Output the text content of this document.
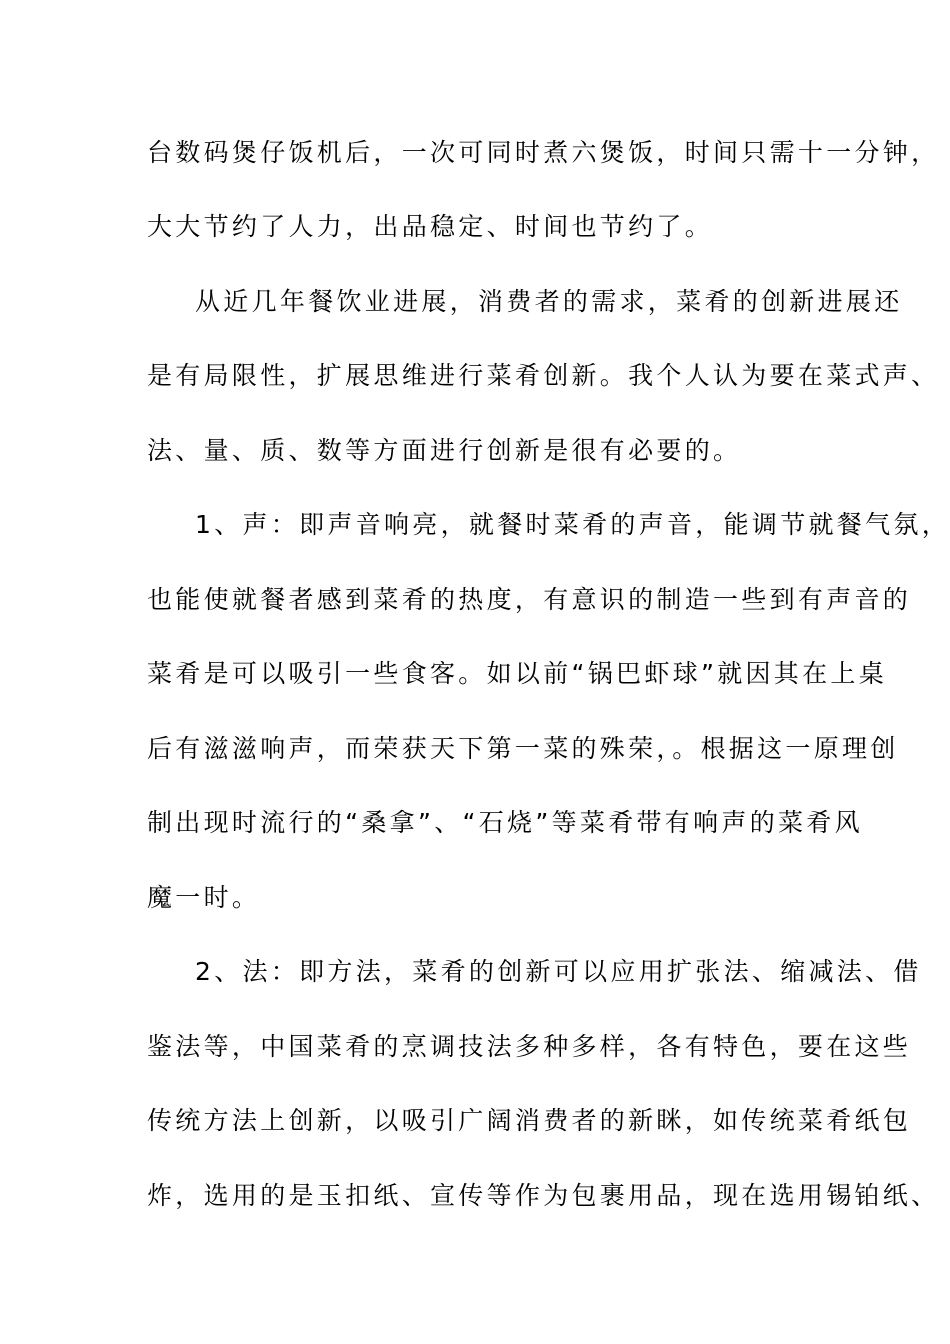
台数码煲仔饭机后，一次可同时煮六煲饭，时间只需十一分钟，
大大节约了人力，出品稳定、时间也节约了。
从近几年餐饮业进展，消费者的需求，菜肴的创新进展还
是有局限性，扩展思维进行菜肴创新。我个人认为要在菜式声、
法、量、质、数等方面进行创新是很有必要的。
1、声：即声音响亮，就餐时菜肴的声音，能调节就餐气氛，
也能使就餐者感到菜肴的热度，有意识的制造一些到有声音的
菜肴是可以吸引一些食客。如以前“锅巴虾球”就因其在上桌
后有滋滋响声，而荣获天下第一菜的殊荣，。根据这一原理创
制出现时流行的“桑拿”、“石烧”等菜肴带有响声的菜肴风
魔一时。
2、法：即方法，菜肴的创新可以应用扩张法、缩减法、借
鉴法等，中国菜肴的烹调技法多种多样，各有特色，要在这些
传统方法上创新，以吸引广阔消费者的新眯，如传统菜肴纸包
炸，选用的是玉扣纸、宣传等作为包裹用品，现在选用锡铂纸、
